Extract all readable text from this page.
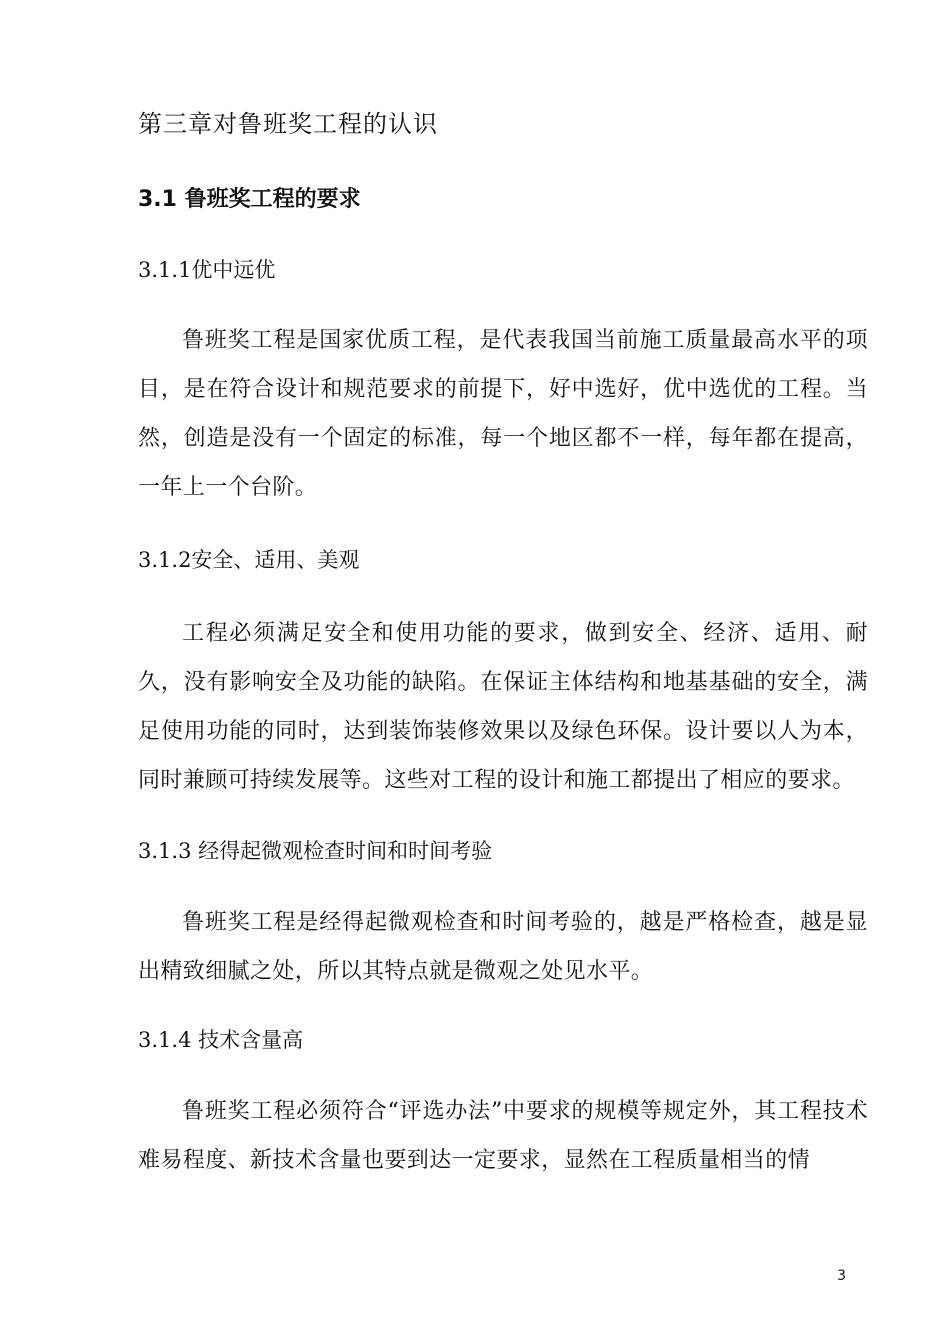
第三章对鲁班奖工程的认识
3.1 鲁班奖工程的要求
3.1.1优中远优
鲁班奖工程是国家优质工程，是代表我国当前施工质量最高水平的项目，是在符合设计和规范要求的前提下，好中选好，优中选优的工程。当然，创造是没有一个固定的标准，每一个地区都不一样，每年都在提高，一年上一个台阶。
3.1.2安全、适用、美观
工程必须满足安全和使用功能的要求，做到安全、经济、适用、耐久，没有影响安全及功能的缺陷。在保证主体结构和地基基础的安全，满足使用功能的同时，达到装饰装修效果以及绿色环保。设计要以人为本，同时兼顾可持续发展等。这些对工程的设计和施工都提出了相应的要求。
3.1.3 经得起微观检查时间和时间考验
鲁班奖工程是经得起微观检查和时间考验的，越是严格检查，越是显出精致细腻之处，所以其特点就是微观之处见水平。
3.1.4 技术含量高
鲁班奖工程必须符合“评选办法”中要求的规模等规定外，其工程技术难易程度、新技术含量也要到达一定要求，显然在工程质量相当的情
3
